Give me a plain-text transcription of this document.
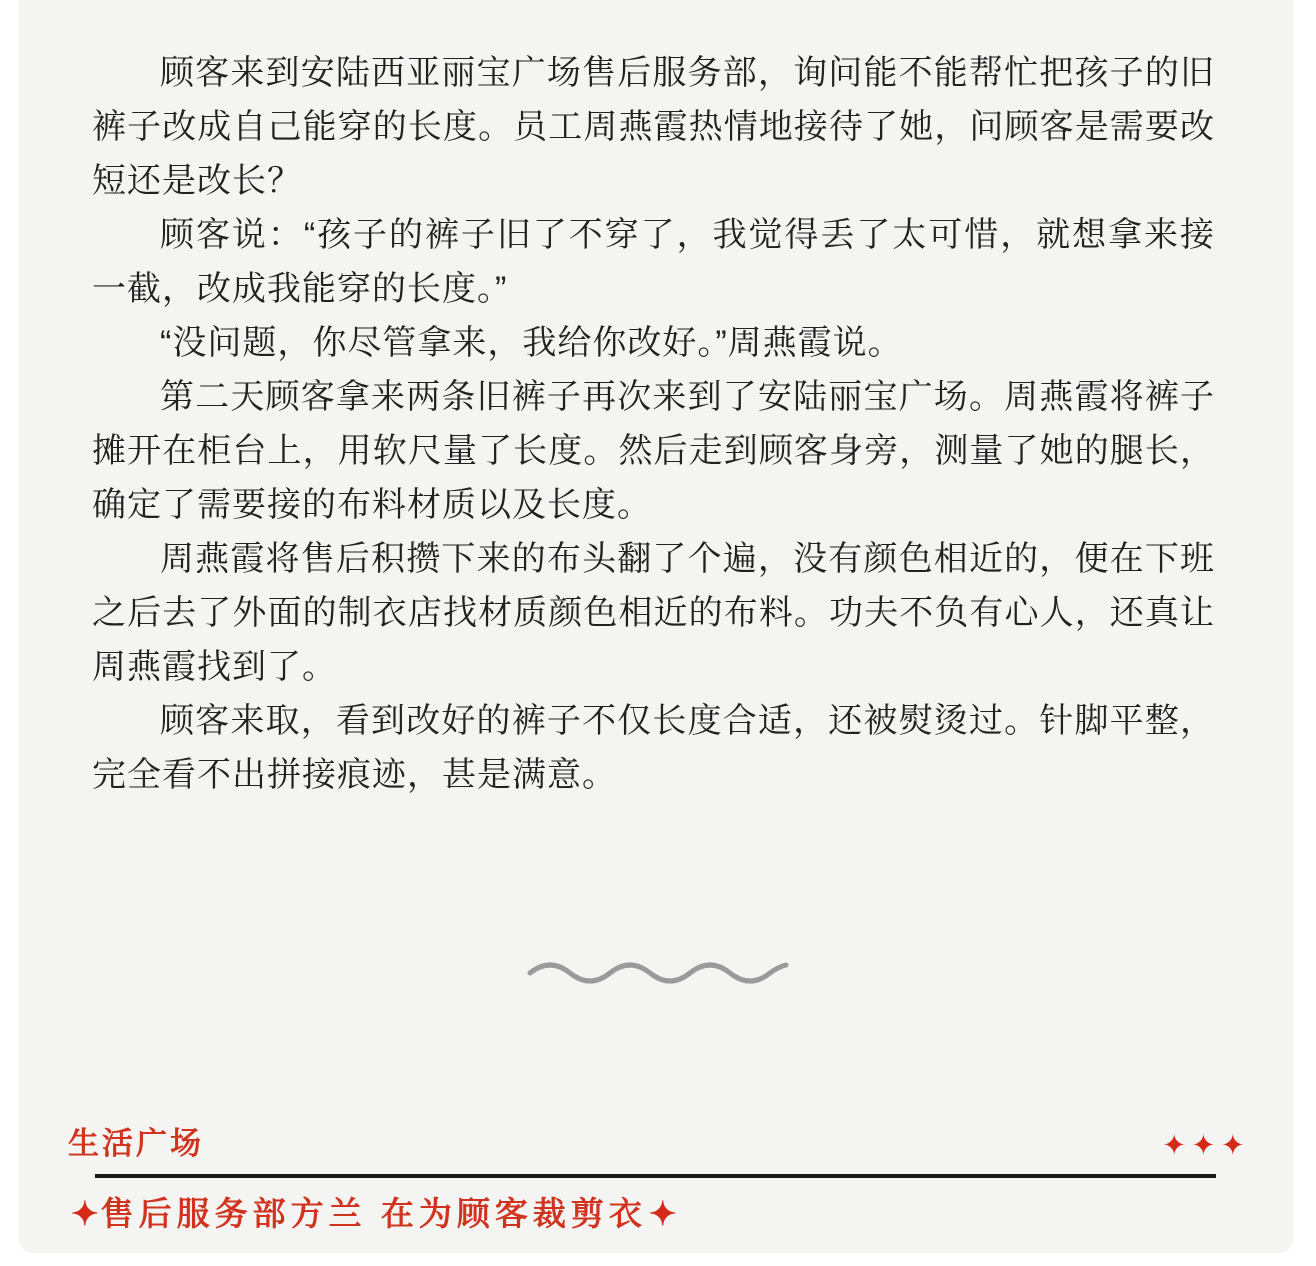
顾客来到安陆西亚丽宝广场售后服务部，询问能不能帮忙把孩子的旧裤子改成自己能穿的长度。员工周燕霞热情地接待了她，问顾客是需要改短还是改长？

顾客说：“孩子的裤子旧了不穿了，我觉得丢了太可惜，就想拿来接一截，改成我能穿的长度。”

“没问题，你尽管拿来，我给你改好。”周燕霞说。

第二天顾客拿来两条旧裤子再次来到了安陆丽宝广场。周燕霞将裤子摊开在柜台上，用软尺量了长度。然后走到顾客身旁，测量了她的腿长，确定了需要接的布料材质以及长度。

周燕霞将售后积攒下来的布头翻了个遍，没有颜色相近的，便在下班之后去了外面的制衣店找材质颜色相近的布料。功夫不负有心人，还真让周燕霞找到了。

顾客来取，看到改好的裤子不仅长度合适，还被熨烫过。针脚平整，完全看不出拼接痕迹，甚是满意。

生活广场	✦✦✦
✦售后服务部方兰 在为顾客裁剪衣✦
